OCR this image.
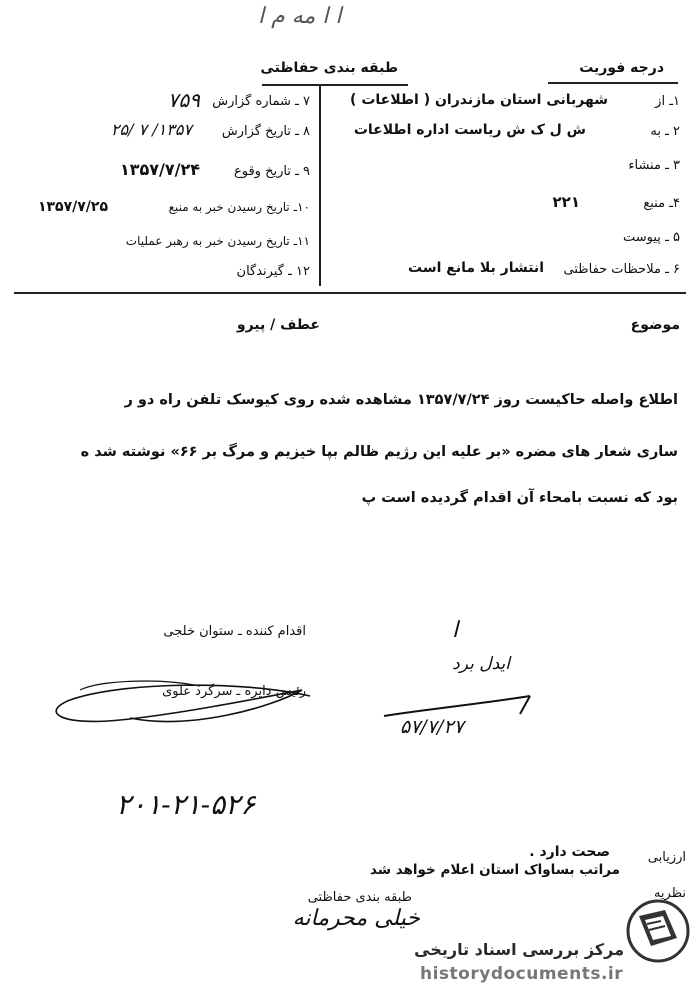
ا ا مه م ا
طبقه بندی حفاظتی	درجه فوریت
۱ـ از
شهربانی استان مازندران ( اطلاعات )
۲ ـ به
ش ل ک ش ریاست اداره اطلاعات
۳ ـ منشاء
۴ـ منبع
۲۲۱
۵ ـ پیوست
۶ ـ ملاحظات حفاظتی
انتشار بلا مانع است
۷ ـ شماره گزارش
۷۵۹
۸ ـ تاریخ گزارش
۱۳۵۷/ ۷ /۲۵
۹ ـ تاریخ وقوع
۱۳۵۷/۷/۲۴
۱۰ـ تاریخ رسیدن خبر به منبع
۱۳۵۷/۷/۲۵
۱۱ـ تاریخ رسیدن خبر به رهبر عملیات
۱۲ ـ گیرندگان
موضوع
عطف / پیرو
اطلاع واصله حاکیست روز ۱۳۵۷/۷/۲۴ مشاهده شده روی کیوسک تلفن راه دو ر
ساری شعار های مضره «بر علیه این رژیم ظالم بپا خیزیم و مرگ بر ۶۶» نوشته شد ه
بود که نسبت بامحاء آن اقدام گردیده است پ
اقدام کننده ـ ستوان خلجی
رئیس دایره ـ سرگرد علوی
ا
ایدل برد
۵۷/۷/۲۷
۲۰۱-۲۱-۵۲۶
ارزیابی
صحت دارد .
مراتب بساواک استان اعلام خواهد شد
نظریه
طبقه بندی حفاظتی
خیلی محرمانه
مرکز بررسی اسناد تاریخی
historydocuments.ir
